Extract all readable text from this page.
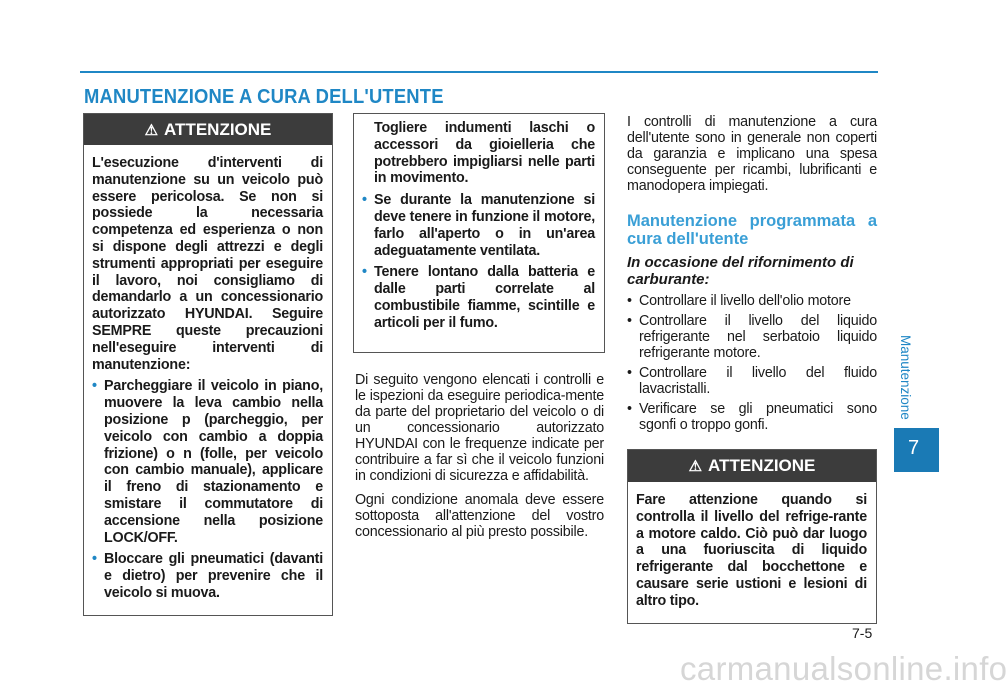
MANUTENZIONE A CURA DELL'UTENTE
⚠ ATTENZIONE

L'esecuzione d'interventi di manutenzione su un veicolo può essere pericolosa. Se non si possiede la necessaria competenza ed esperienza o non si dispone degli attrezzi e degli strumenti appropriati per eseguire il lavoro, noi consigliamo di demandarlo a un concessionario autorizzato HYUNDAI. Seguire SEMPRE queste precauzioni nell'eseguire interventi di manutenzione:

• Parcheggiare il veicolo in piano, muovere la leva cambio nella posizione p (parcheggio, per veicolo con cambio a doppia frizione) o n (folle, per veicolo con cambio manuale), applicare il freno di stazionamento e smistare il commutatore di accensione nella posizione LOCK/OFF.
• Bloccare gli pneumatici (davanti e dietro) per prevenire che il veicolo si muova.
Togliere indumenti laschi o accessori da gioielleria che potrebbero impigliarsi nelle parti in movimento.
• Se durante la manutenzione si deve tenere in funzione il motore, farlo all'aperto o in un'area adeguatamente ventilata.
• Tenere lontano dalla batteria e dalle parti correlate al combustibile fiamme, scintille e articoli per il fumo.

Di seguito vengono elencati i controlli e le ispezioni da eseguire periodica-mente da parte del proprietario del veicolo o di un concessionario autorizzato HYUNDAI con le frequenze indicate per contribuire a far sì che il veicolo funzioni in condizioni di sicurezza e affidabilità.

Ogni condizione anomala deve essere sottoposta all'attenzione del vostro concessionario al più presto possibile.

I controlli di manutenzione a cura dell'utente sono in generale non coperti da garanzia e implicano una spesa conseguente per ricambi, lubrificanti e manodopera impiegati.

Manutenzione programmata a cura dell'utente
In occasione del rifornimento di carburante:
• Controllare il livello dell'olio motore
• Controllare il livello del liquido refrigerante nel serbatoio liquido refrigerante motore.
• Controllare il livello del fluido lavacristalli.
• Verificare se gli pneumatici sono sgonfi o troppo gonfi.
⚠ ATTENZIONE

Fare attenzione quando si controlla il livello del refrige-rante a motore caldo. Ciò può dar luogo a una fuoriuscita di liquido refrigerante dal bocchettone e causare serie ustioni e lesioni di altro tipo.

Manutenzione
7
7-5
carmanualsonline.info
